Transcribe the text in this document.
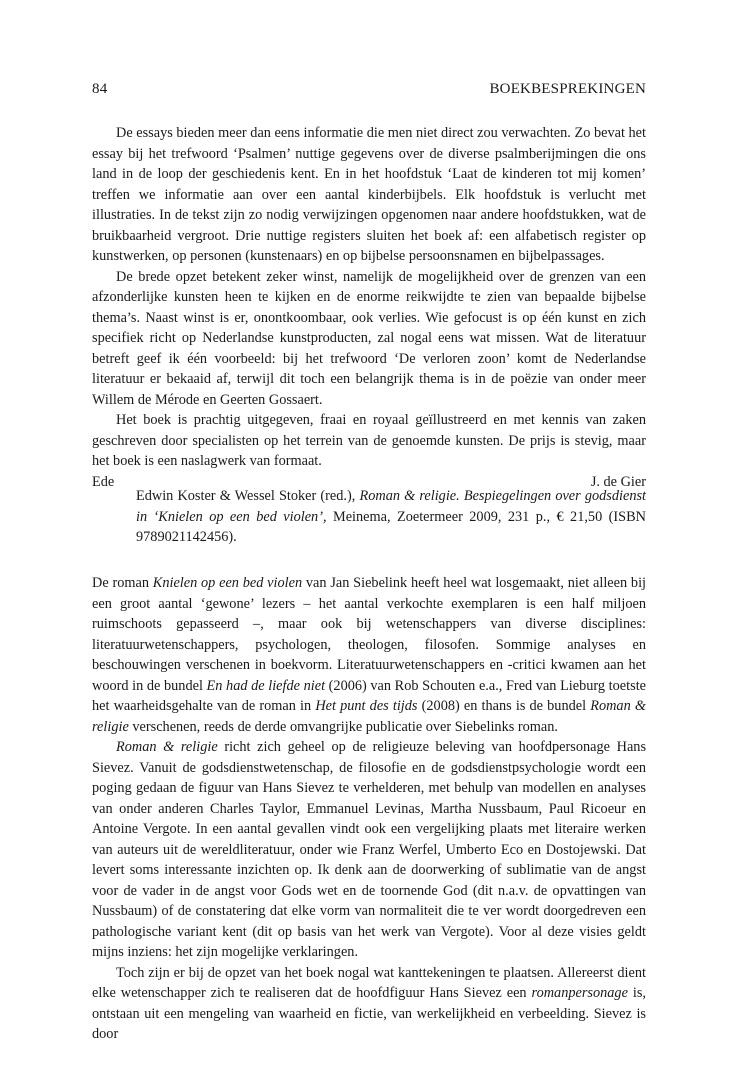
84	BOEKBESPREKINGEN

De essays bieden meer dan eens informatie die men niet direct zou verwachten. Zo bevat het essay bij het trefwoord ‘Psalmen’ nuttige gegevens over de diverse psalmberijmingen die ons land in de loop der geschiedenis kent. En in het hoofdstuk ‘Laat de kinderen tot mij komen’ treffen we informatie aan over een aantal kinderbijbels. Elk hoofdstuk is verlucht met illustraties. In de tekst zijn zo nodig verwijzingen opgenomen naar andere hoofdstukken, wat de bruikbaarheid vergroot. Drie nuttige registers sluiten het boek af: een alfabetisch register op kunstwerken, op personen (kunstenaars) en op bijbelse persoonsnamen en bijbelpassages.

De brede opzet betekent zeker winst, namelijk de mogelijkheid over de grenzen van een afzonderlijke kunsten heen te kijken en de enorme reikwijdte te zien van bepaalde bijbelse thema’s. Naast winst is er, onontkoombaar, ook verlies. Wie gefocust is op één kunst en zich specifiek richt op Nederlandse kunstproducten, zal nogal eens wat missen. Wat de literatuur betreft geef ik één voorbeeld: bij het trefwoord ‘De verloren zoon’ komt de Nederlandse literatuur er bekaaid af, terwijl dit toch een belangrijk thema is in de poëzie van onder meer Willem de Mérode en Geerten Gossaert.

Het boek is prachtig uitgegeven, fraai en royaal geïllustreerd en met kennis van zaken geschreven door specialisten op het terrein van de genoemde kunsten. De prijs is stevig, maar het boek is een naslagwerk van formaat.

Ede	J. de Gier

Edwin Koster & Wessel Stoker (red.), Roman & religie. Bespiegelingen over godsdienst in ‘Knielen op een bed violen’, Meinema, Zoetermeer 2009, 231 p., € 21,50 (ISBN 9789021142456).

De roman Knielen op een bed violen van Jan Siebelink heeft heel wat losgemaakt, niet alleen bij een groot aantal ‘gewone’ lezers – het aantal verkochte exemplaren is een half miljoen ruimschoots gepasseerd –, maar ook bij wetenschappers van diverse disciplines: literatuurwetenschappers, psychologen, theologen, filosofen. Sommige analyses en beschouwingen verschenen in boekvorm. Literatuurwetenschappers en -critici kwamen aan het woord in de bundel En had de liefde niet (2006) van Rob Schouten e.a., Fred van Lieburg toetste het waarheidsgehalte van de roman in Het punt des tijds (2008) en thans is de bundel Roman & religie verschenen, reeds de derde omvangrijke publicatie over Siebelinks roman.

Roman & religie richt zich geheel op de religieuze beleving van hoofdpersonage Hans Sievez. Vanuit de godsdienstwetenschap, de filosofie en de godsdienstpsychologie wordt een poging gedaan de figuur van Hans Sievez te verhelderen, met behulp van modellen en analyses van onder anderen Charles Taylor, Emmanuel Levinas, Martha Nussbaum, Paul Ricoeur en Antoine Vergote. In een aantal gevallen vindt ook een vergelijking plaats met literaire werken van auteurs uit de wereldliteratuur, onder wie Franz Werfel, Umberto Eco en Dostojewski. Dat levert soms interessante inzichten op. Ik denk aan de doorwerking of sublimatie van de angst voor de vader in de angst voor Gods wet en de toornende God (dit n.a.v. de opvattingen van Nussbaum) of de constatering dat elke vorm van normaliteit die te ver wordt doorgedreven een pathologische variant kent (dit op basis van het werk van Vergote). Voor al deze visies geldt mijns inziens: het zijn mogelijke verklaringen.

Toch zijn er bij de opzet van het boek nogal wat kanttekeningen te plaatsen. Allereerst dient elke wetenschapper zich te realiseren dat de hoofdfiguur Hans Sievez een romanpersonage is, ontstaan uit een mengeling van waarheid en fictie, van werkelijkheid en verbeelding. Sievez is door
